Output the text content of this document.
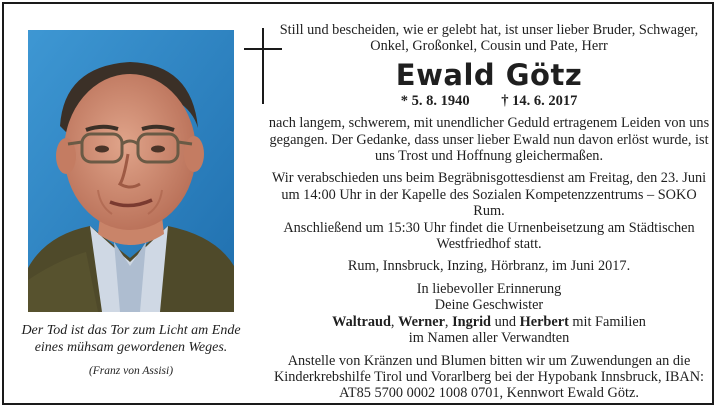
Der Tod ist das Tor zum Licht am Ende eines mühsam gewordenen Weges.
(Franz von Assisi)

Still und bescheiden, wie er gelebt hat, ist unser lieber Bruder, Schwager, Onkel, Großonkel, Cousin und Pate, Herr

Ewald Götz

* 5. 8. 1940 † 14. 6. 2017

nach langem, schwerem, mit unendlicher Geduld ertragenem Leiden von uns gegangen. Der Gedanke, dass unser lieber Ewald nun davon erlöst wurde, ist uns Trost und Hoffnung gleichermaßen.

Wir verabschieden uns beim Begräbnisgottesdienst am Freitag, den 23. Juni um 14:00 Uhr in der Kapelle des Sozialen Kompetenzzentrums – SOKO Rum.

Anschließend um 15:30 Uhr findet die Urnenbeisetzung am Städtischen Westfriedhof statt.

Rum, Innsbruck, Inzing, Hörbranz, im Juni 2017.

In liebevoller Erinnerung

Deine Geschwister

Waltraud, Werner, Ingrid und Herbert mit Familien

im Namen aller Verwandten

Anstelle von Kränzen und Blumen bitten wir um Zuwendungen an die Kinderkrebshilfe Tirol und Vorarlberg bei der Hypobank Innsbruck, IBAN: AT85 5700 0002 1008 0701, Kennwort Ewald Götz.
